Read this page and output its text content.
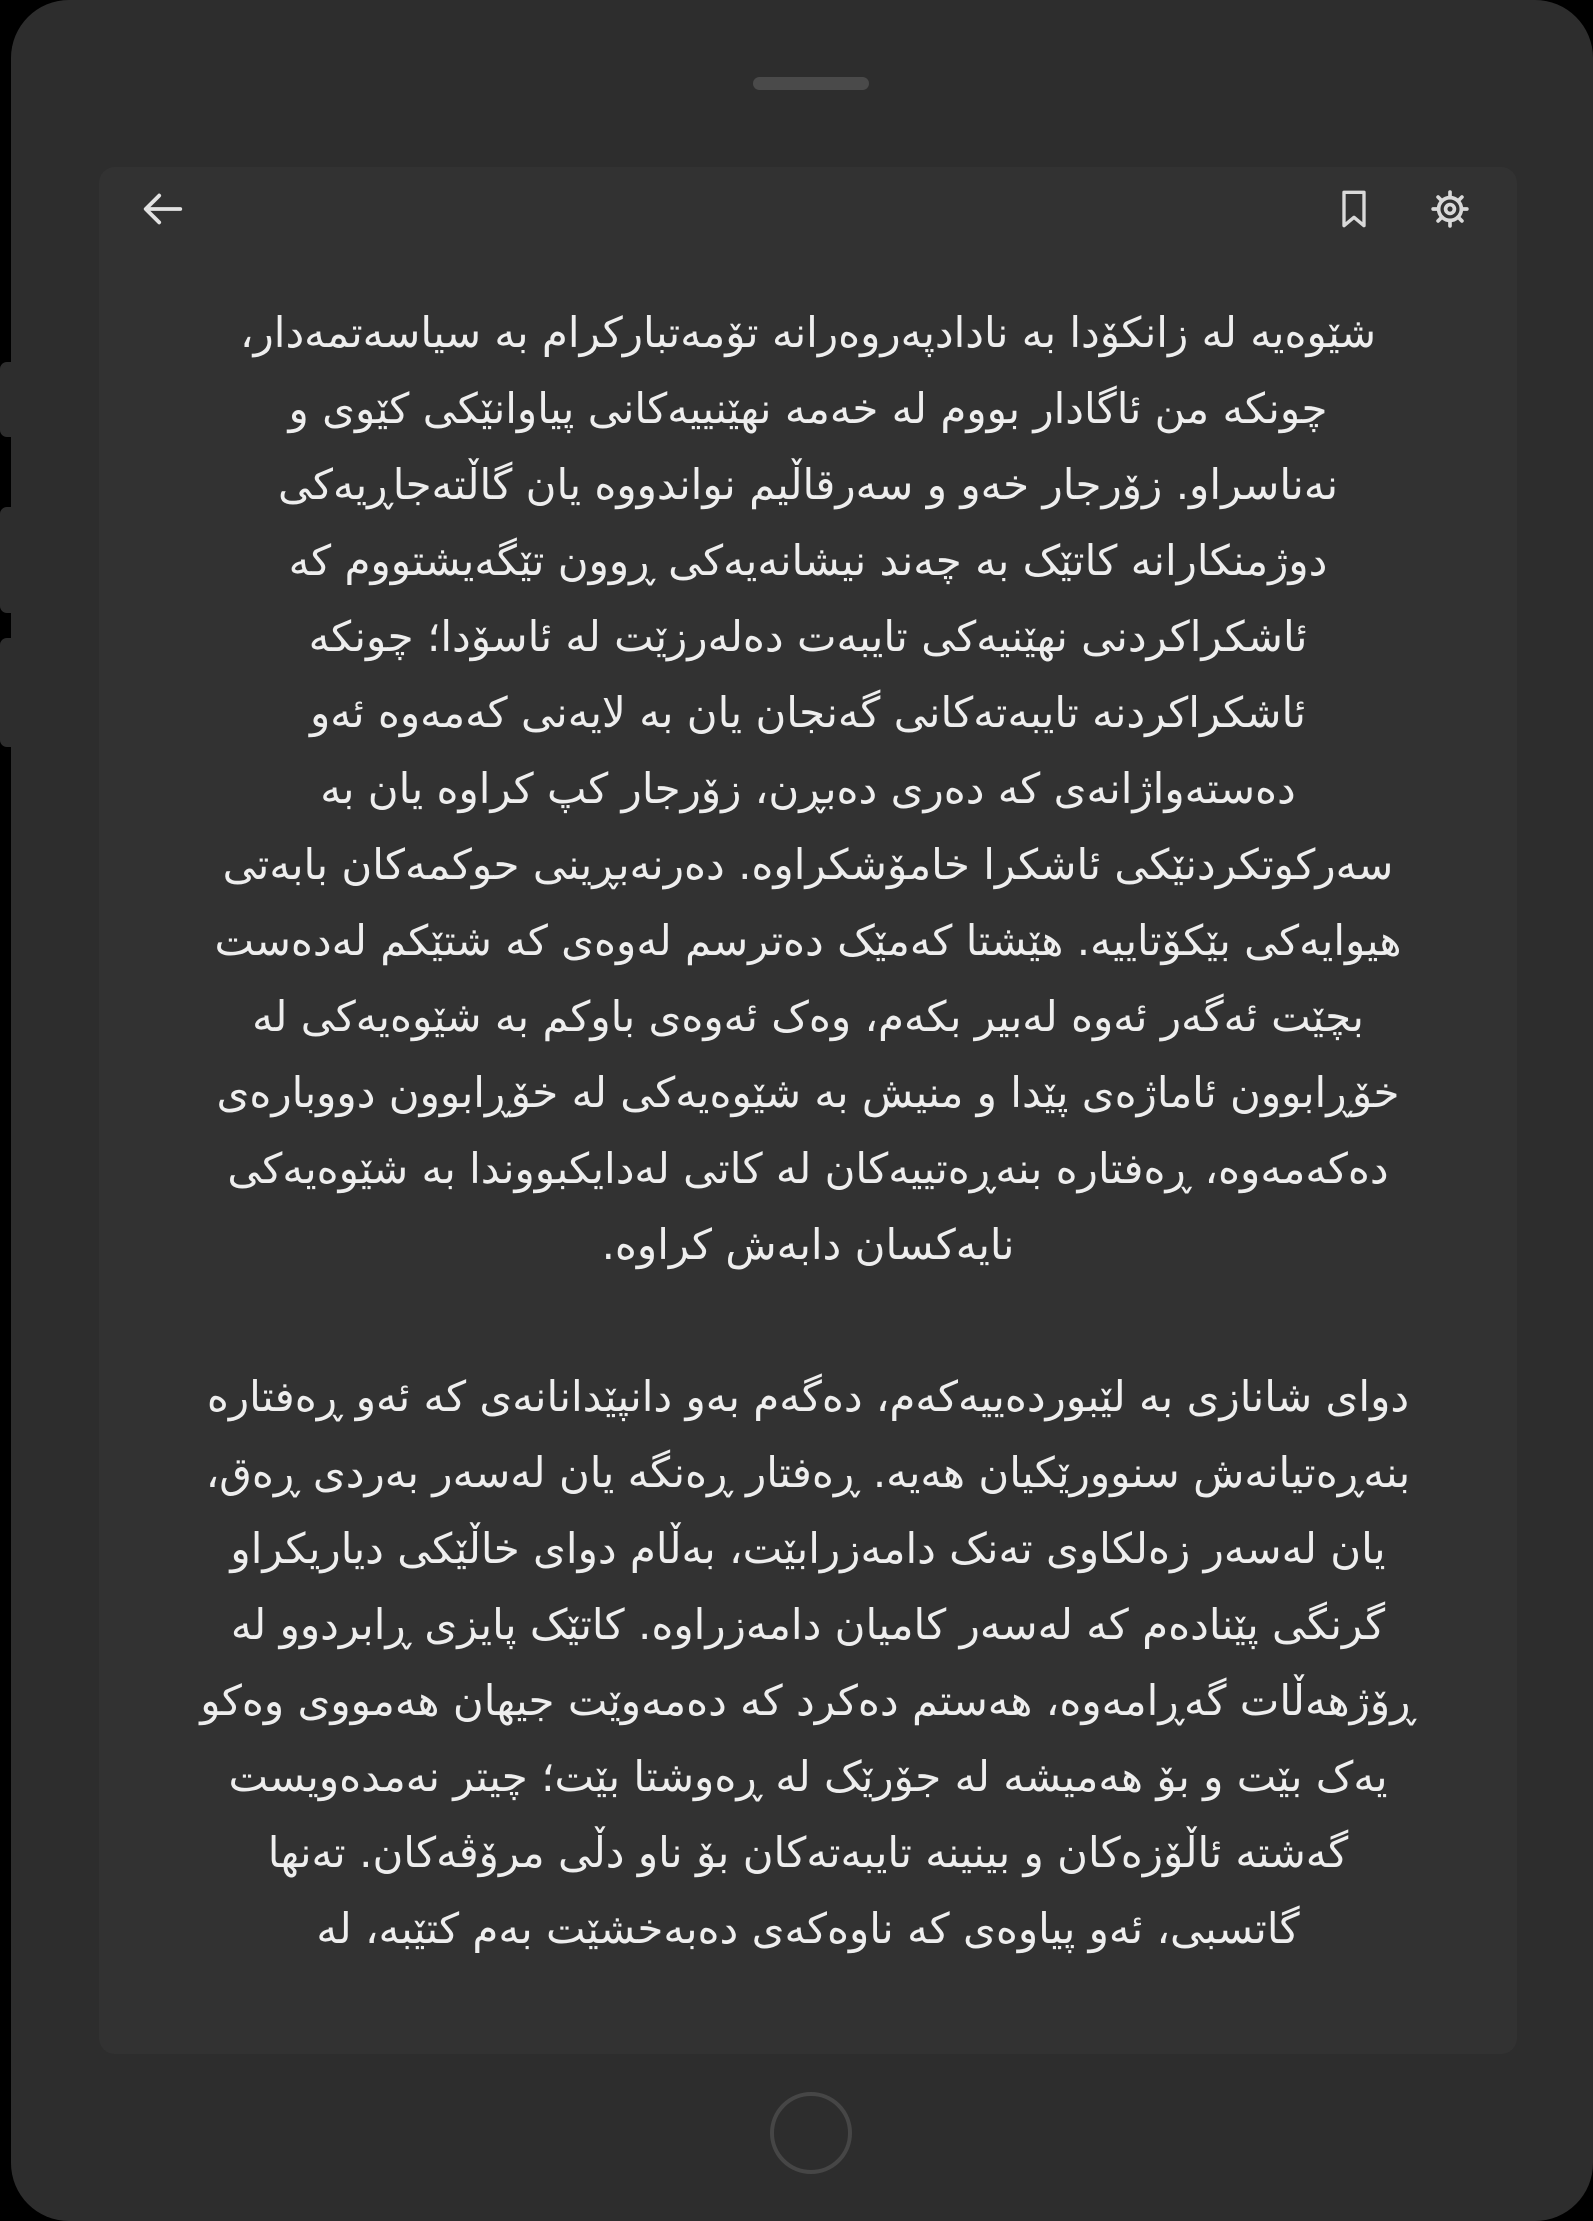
شێوەیە لە زانکۆدا بە نادادپەروەرانە تۆمەتبارکرام بە سیاسەتمەدار،
چونکە من ئاگادار بووم لە خەمە نهێنییەکانی پیاوانێکی کێوی و
نەناسراو. زۆرجار خەو و سەرقاڵیم نواندووە یان گاڵتەجاڕیەکی
دوژمنکارانە کاتێک بە چەند نیشانەیەکی ڕوون تێگەیشتووم کە
ئاشکراکردنی نهێنیەکی تایبەت دەلەرزێت لە ئاسۆدا؛ چونکە
ئاشکراکردنە تایبەتەکانی گەنجان یان بە لایەنی کەمەوە ئەو
دەستەواژانەی کە دەری دەبڕن، زۆرجار کپ کراوە یان بە
سەرکوتکردنێکی ئاشکرا خامۆشکراوە. دەرنەبڕینی حوکمەکان بابەتی
هیوایەکی بێکۆتاییە. هێشتا کەمێک دەترسم لەوەی کە شتێکم لەدەست
بچێت ئەگەر ئەوە لەبیر بکەم، وەک ئەوەی باوکم بە شێوەیەکی لە
خۆڕابوون ئاماژەی پێدا و منیش بە شێوەیەکی لە خۆڕابوون دووبارەی
دەکەمەوە، ڕەفتارە بنەڕەتییەکان لە کاتی لەدایکبووندا بە شێوەیەکی
نایەکسان دابەش کراوە.
دوای شانازی بە لێبوردەییەکەم، دەگەم بەو دانپێدانانەی کە ئەو ڕەفتارە
بنەڕەتیانەش سنوورێکیان هەیە. ڕەفتار ڕەنگە یان لەسەر بەردی ڕەق،
یان لەسەر زەلکاوی تەنک دامەزرابێت، بەڵام دوای خاڵێکی دیاریکراو
گرنگی پێنادەم کە لەسەر کامیان دامەزراوە. کاتێک پایزی ڕابردوو لە
ڕۆژهەڵات گەڕامەوە، هەستم دەکرد کە دەمەوێت جیهان هەمووی وەکو
یەک بێت و بۆ هەمیشە لە جۆرێک لە ڕەوشتا بێت؛ چیتر نەمدەویست
گەشتە ئاڵۆزەکان و بینینە تایبەتەکان بۆ ناو دڵی مرۆڤەکان. تەنها
گاتسبی، ئەو پیاوەی کە ناوەکەی دەبەخشێت بەم کتێبە، لە
